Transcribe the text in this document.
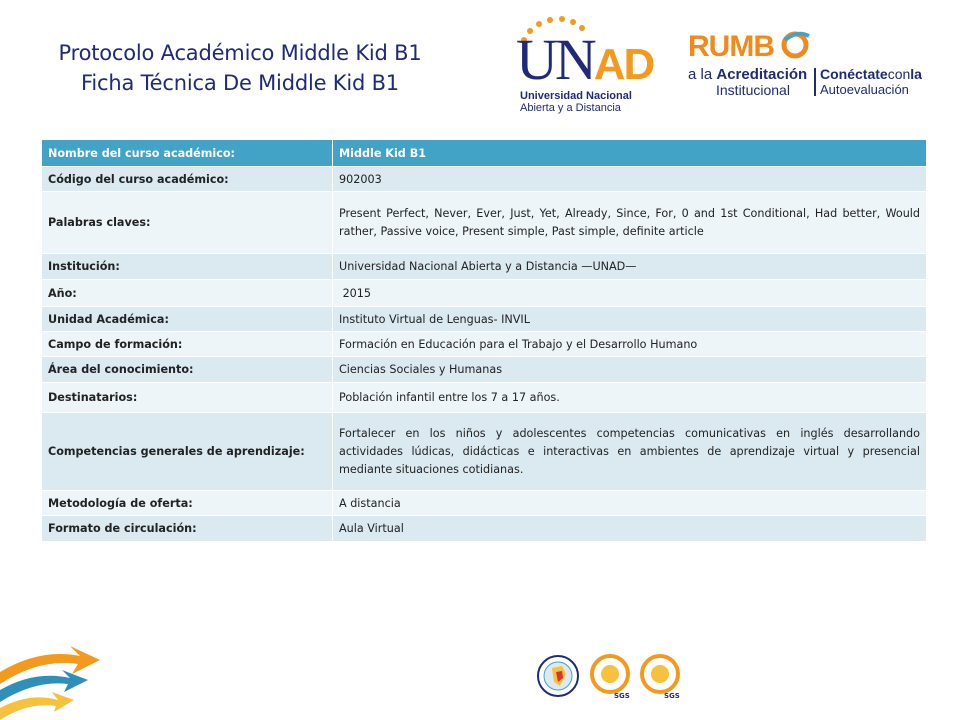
Protocolo Académico Middle Kid B1
Ficha Técnica De Middle Kid B1	UNAD
Universidad Nacional
Abierta y a Distancia
RUMB
a la Acreditación
Institucional
Conéctateconla
Autoevaluación
Nombre del curso académico:	Middle Kid B1
Código del curso académico:	902003
Palabras claves:	Present Perfect, Never, Ever, Just, Yet, Already, Since, For, 0 and 1st Conditional, Had better, Would rather, Passive voice, Present simple, Past simple, definite article
Institución:	Universidad Nacional Abierta y a Distancia —UNAD—
Año:	2015
Unidad Académica:	Instituto Virtual de Lenguas- INVIL
Campo de formación:	Formación en Educación para el Trabajo y el Desarrollo Humano
Área del conocimiento:	Ciencias Sociales y Humanas
Destinatarios:	Población infantil entre los 7 a 17 años.
Competencias generales de aprendizaje:	Fortalecer en los niños y adolescentes competencias comunicativas en inglés desarrollando actividades lúdicas, didácticas e interactivas en ambientes de aprendizaje virtual y presencial mediante situaciones cotidianas.
Metodología de oferta:	A distancia
Formato de circulación:	Aula Virtual
SGS	SGS
